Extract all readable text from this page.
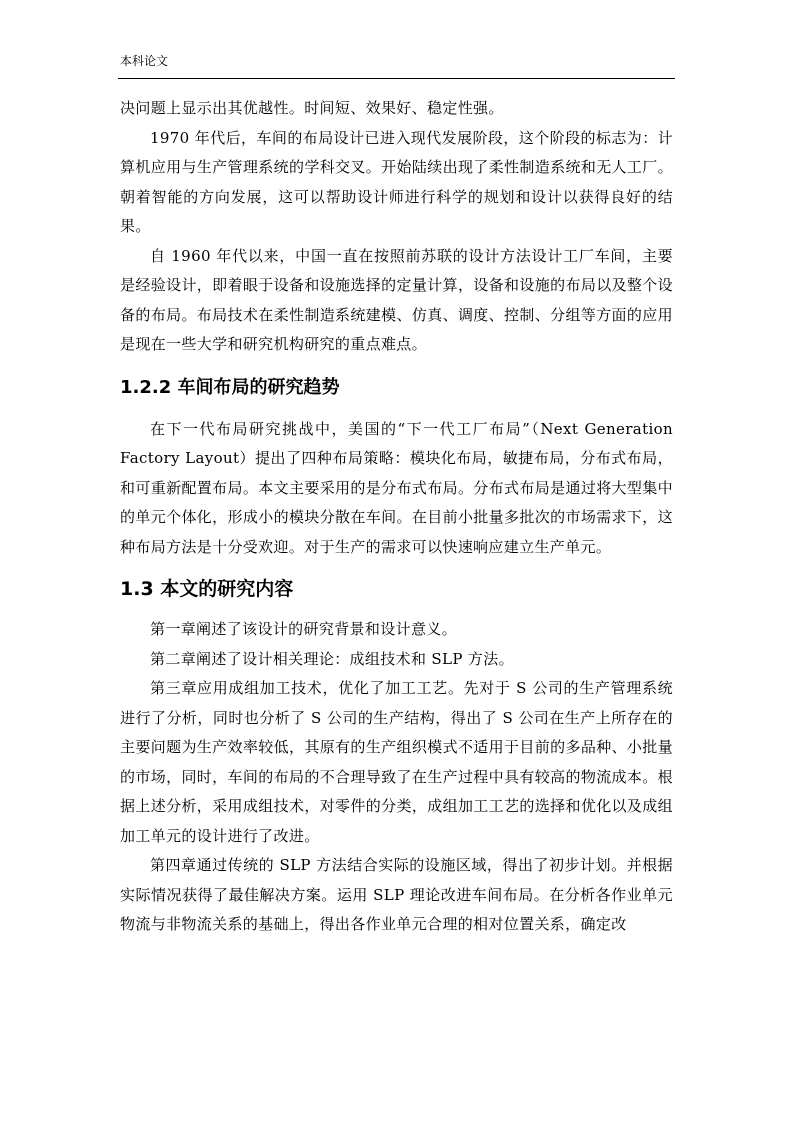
本科论文

决问题上显示出其优越性。时间短、效果好、稳定性强。

1970 年代后，车间的布局设计已进入现代发展阶段，这个阶段的标志为：计算机应用与生产管理系统的学科交叉。开始陆续出现了柔性制造系统和无人工厂。朝着智能的方向发展，这可以帮助设计师进行科学的规划和设计以获得良好的结果。

自 1960 年代以来，中国一直在按照前苏联的设计方法设计工厂车间，主要是经验设计，即着眼于设备和设施选择的定量计算，设备和设施的布局以及整个设备的布局。布局技术在柔性制造系统建模、仿真、调度、控制、分组等方面的应用是现在一些大学和研究机构研究的重点难点。

1.2.2 车间布局的研究趋势

在下一代布局研究挑战中，美国的“下一代工厂布局”（Next Generation Factory Layout）提出了四种布局策略：模块化布局，敏捷布局，分布式布局，和可重新配置布局。本文主要采用的是分布式布局。分布式布局是通过将大型集中的单元个体化，形成小的模块分散在车间。在目前小批量多批次的市场需求下，这种布局方法是十分受欢迎。对于生产的需求可以快速响应建立生产单元。

1.3 本文的研究内容

第一章阐述了该设计的研究背景和设计意义。

第二章阐述了设计相关理论：成组技术和 SLP 方法。

第三章应用成组加工技术，优化了加工工艺。先对于 S 公司的生产管理系统进行了分析，同时也分析了 S 公司的生产结构，得出了 S 公司在生产上所存在的主要问题为生产效率较低，其原有的生产组织模式不适用于目前的多品种、小批量的市场，同时，车间的布局的不合理导致了在生产过程中具有较高的物流成本。根据上述分析，采用成组技术，对零件的分类，成组加工工艺的选择和优化以及成组加工单元的设计进行了改进。

第四章通过传统的 SLP 方法结合实际的设施区域，得出了初步计划。并根据实际情况获得了最佳解决方案。运用 SLP 理论改进车间布局。在分析各作业单元物流与非物流关系的基础上，得出各作业单元合理的相对位置关系，确定改
